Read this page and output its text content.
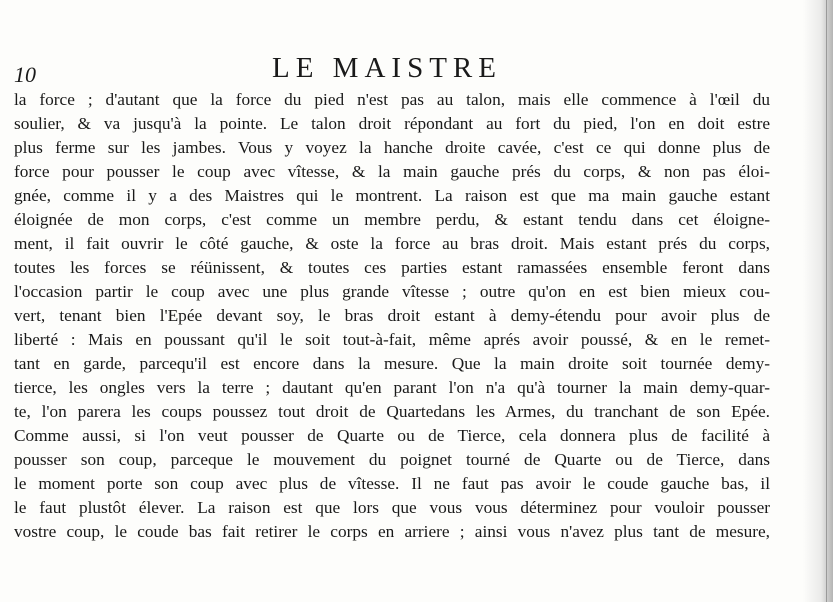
10	LE MAISTRE
la force ; d'autant que la force du pied n'est pas au talon, mais elle commence à l'œil du
soulier, & va jusqu'à la pointe. Le talon droit répondant au fort du pied, l'on en doit estre
plus ferme sur les jambes. Vous y voyez la hanche droite cavée, c'est ce qui donne plus de
force pour pousser le coup avec vîtesse, & la main gauche prés du corps, & non pas éloi-
gnée, comme il y a des Maistres qui le montrent. La raison est que ma main gauche estant
éloignée de mon corps, c'est comme un membre perdu, & estant tendu dans cet éloigne-
ment, il fait ouvrir le côté gauche, & oste la force au bras droit. Mais estant prés du corps,
toutes les forces se réünissent, & toutes ces parties estant ramassées ensemble feront dans
l'occasion partir le coup avec une plus grande vîtesse ; outre qu'on en est bien mieux cou-
vert, tenant bien l'Epée devant soy, le bras droit estant à demy-étendu pour avoir plus de
liberté : Mais en poussant qu'il le soit tout-à-fait, même aprés avoir poussé, & en le remet-
tant en garde, parcequ'il est encore dans la mesure. Que la main droite soit tournée demy-
tierce, les ongles vers la terre ; dautant qu'en parant l'on n'a qu'à tourner la main demy-quar-
te, l'on parera les coups poussez tout droit de Quartedans les Armes, du tranchant de son Epée.
Comme aussi, si l'on veut pousser de Quarte ou de Tierce, cela donnera plus de facilité à
pousser son coup, parceque le mouvement du poignet tourné de Quarte ou de Tierce, dans
le moment porte son coup avec plus de vîtesse. Il ne faut pas avoir le coude gauche bas, il
le faut plustôt élever. La raison est que lors que vous vous déterminez pour vouloir pousser
vostre coup, le coude bas fait retirer le corps en arriere ; ainsi vous n'avez plus tant de mesure,
